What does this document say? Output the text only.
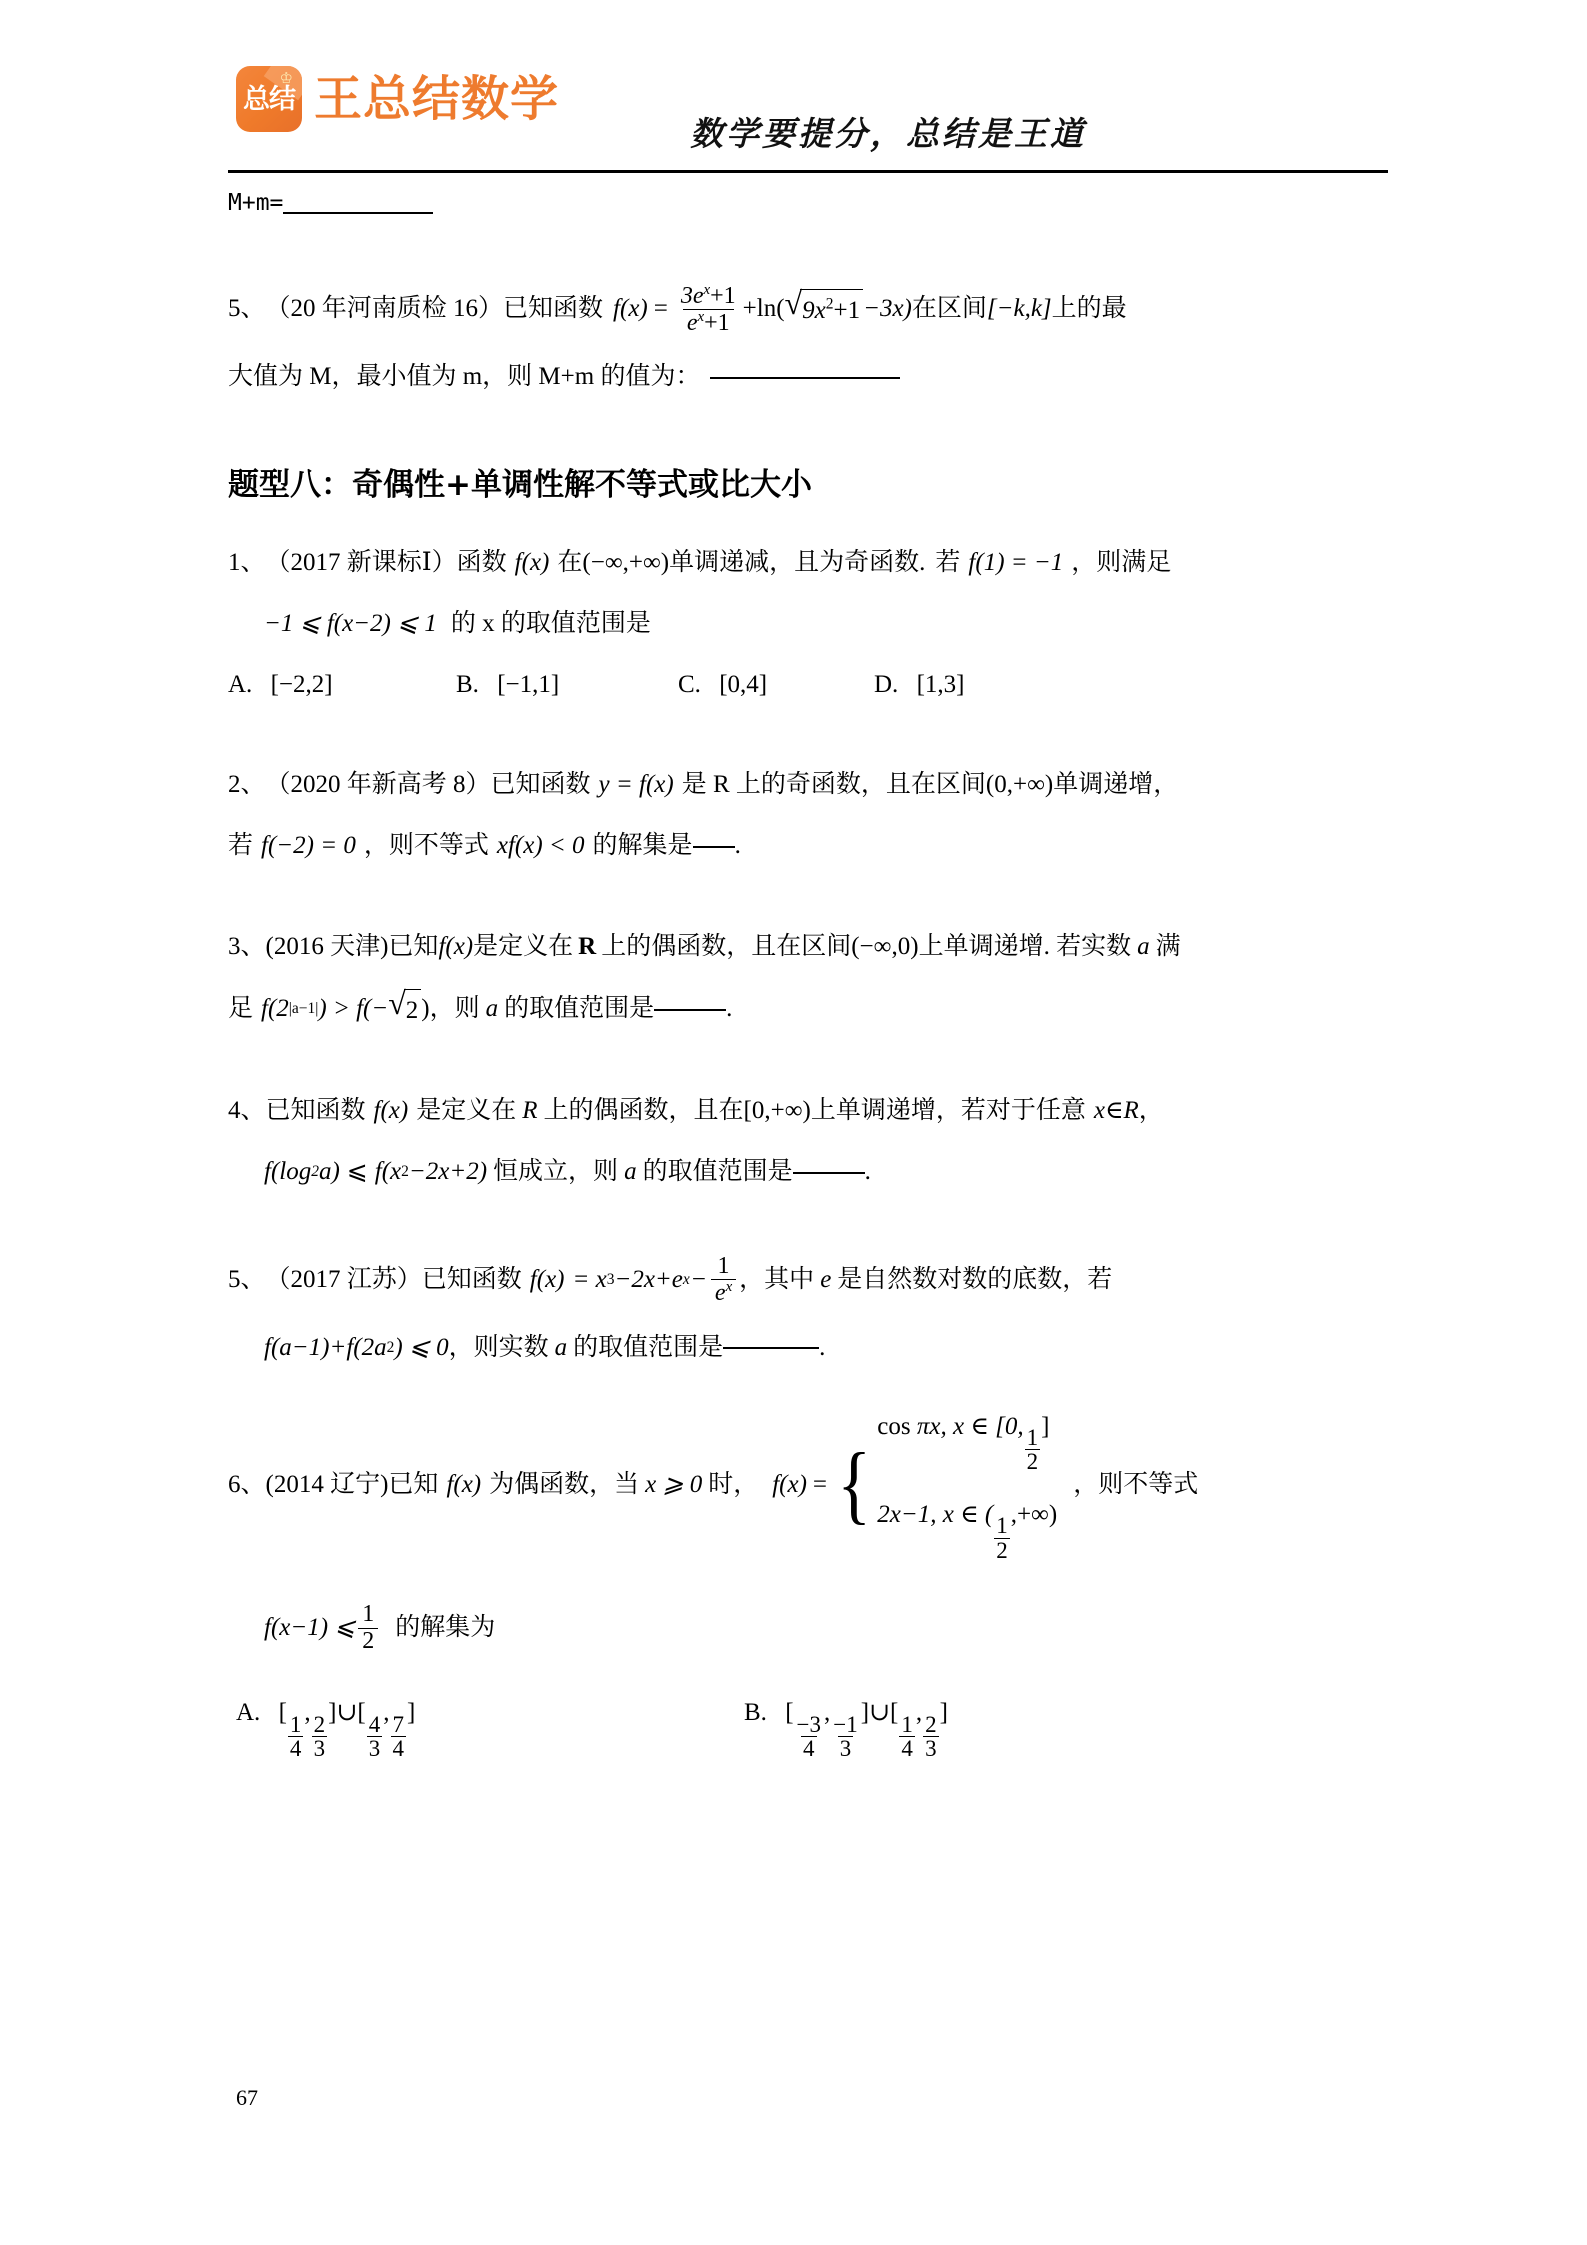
♔
总结 王总结数学
数学要提分，总结是王道
M+m=
5、 （20 年河南质检 16） 已知函数 $f(x) = \frac{3e^x+1}{e^x+1} +\ln$( √ $9x^2+1 -3x$) 在区间 [−k,k] 上的最
大值为 M，最小值为 m，则 M+m 的值为：
题型八：奇偶性+单调性解不等式或比大小
1、 （2017 新课标Ⅰ） 函数 f(x) 在 (−∞,+∞) 单调递减，且为奇函数. 若 f(1) = −1 ，则满足
−1 ⩽ f(x−2) ⩽ 1 的 x 的取值范围是
A. [−2,2]	B. [−1,1]	C. [0,4]	D. [1,3]
2、 （2020 年新高考 8） 已知函数 y = f(x) 是 R 上的奇函数，且在区间 (0,+∞) 单调递增，
若 f(−2) = 0 ，则不等式 xf(x) < 0 的解集是 .
3、 (2016 天津) 已知 f(x) 是定义在 R 上的偶函数，且在区间 (−∞,0) 上单调递增. 若实数 a 满
足 f(2 |a−1| ) > f(− √ 2 ) ，则 a 的取值范围是	.
4、 已知函数 f(x) 是定义在 R 上的偶函数，且在 [0,+∞) 上单调递增，若对于任意 x∈R ，
f(log 2 a) ⩽ f(x 2 −2x+2) 恒成立，则 a 的取值范围是	.
5、 （2017 江苏） 已知函数 f(x) = x 3 −2x+e $x - \frac{1}{e^x}$ ，其中 e 是自然数对数的底数，若
f(a−1)+f(2a 2 ) ⩽ 0 ，则实数 a 的取值范围是	.
6、 (2014 辽宁) 已知 f(x) 为偶函数，当 x ⩾ 0 时， f(x) = {
cos πx, x ∈ [0, $\frac{1}{2}$ ]
2x−1, x ∈ ( $\frac{1}{2}$ ,+∞)
，则不等式
f(x−1) ⩽ $\frac{1}{2}$ 的解集为
A. [ $\frac{1}{4}$ , $\frac{2}{3}$ ]∪[ $\frac{4}{3}$ , $\frac{7}{4}$ ]	B. [ $\frac{-3}{4}$ , $\frac{-1}{3}$ ]∪[ $\frac{1}{4}$ , $\frac{2}{3}$ ]
67
